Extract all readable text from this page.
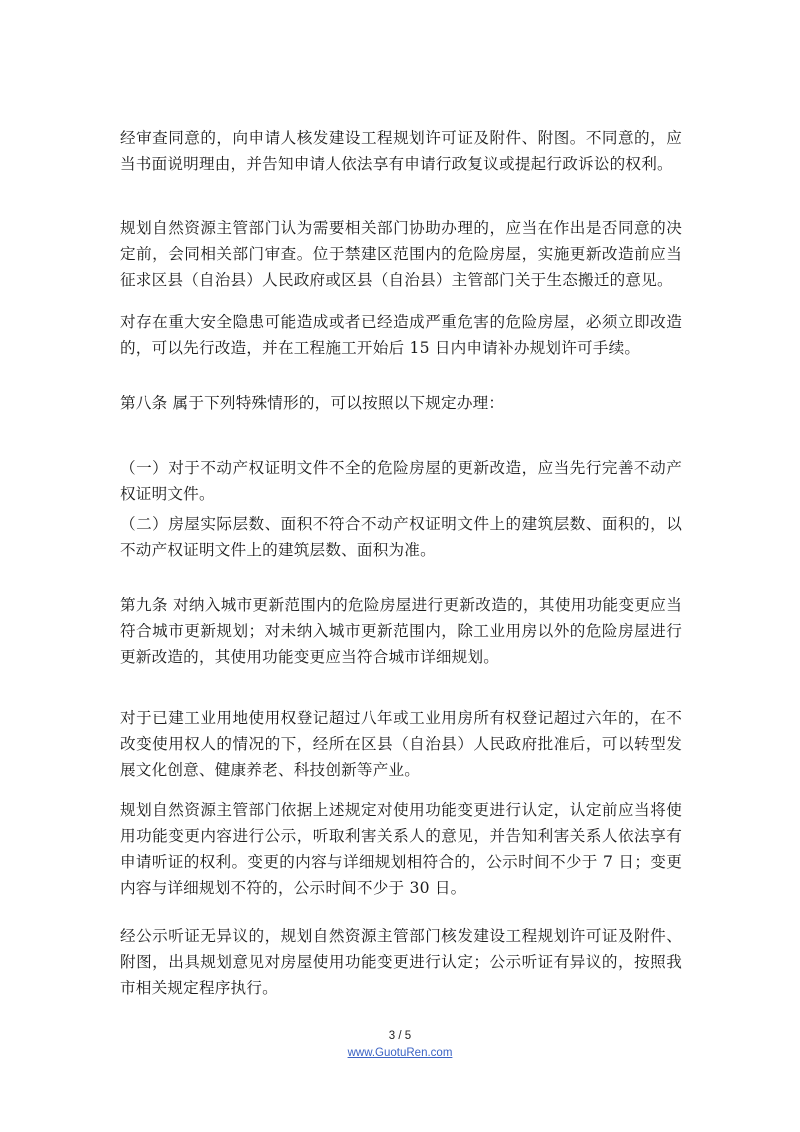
经审查同意的，向申请人核发建设工程规划许可证及附件、附图。不同意的，应当书面说明理由，并告知申请人依法享有申请行政复议或提起行政诉讼的权利。

规划自然资源主管部门认为需要相关部门协助办理的，应当在作出是否同意的决定前，会同相关部门审查。位于禁建区范围内的危险房屋，实施更新改造前应当征求区县（自治县）人民政府或区县（自治县）主管部门关于生态搬迁的意见。

对存在重大安全隐患可能造成或者已经造成严重危害的危险房屋，必须立即改造的，可以先行改造，并在工程施工开始后 15 日内申请补办规划许可手续。

第八条 属于下列特殊情形的，可以按照以下规定办理：

（一）对于不动产权证明文件不全的危险房屋的更新改造，应当先行完善不动产权证明文件。

（二）房屋实际层数、面积不符合不动产权证明文件上的建筑层数、面积的，以不动产权证明文件上的建筑层数、面积为准。

第九条 对纳入城市更新范围内的危险房屋进行更新改造的，其使用功能变更应当符合城市更新规划；对未纳入城市更新范围内，除工业用房以外的危险房屋进行更新改造的，其使用功能变更应当符合城市详细规划。

对于已建工业用地使用权登记超过八年或工业用房所有权登记超过六年的，在不改变使用权人的情况的下，经所在区县（自治县）人民政府批准后，可以转型发展文化创意、健康养老、科技创新等产业。

规划自然资源主管部门依据上述规定对使用功能变更进行认定，认定前应当将使用功能变更内容进行公示，听取利害关系人的意见，并告知利害关系人依法享有申请听证的权利。变更的内容与详细规划相符合的，公示时间不少于 7 日；变更内容与详细规划不符的，公示时间不少于 30 日。

经公示听证无异议的，规划自然资源主管部门核发建设工程规划许可证及附件、附图，出具规划意见对房屋使用功能变更进行认定；公示听证有异议的，按照我市相关规定程序执行。

3 / 5
www.GuotuRen.com
